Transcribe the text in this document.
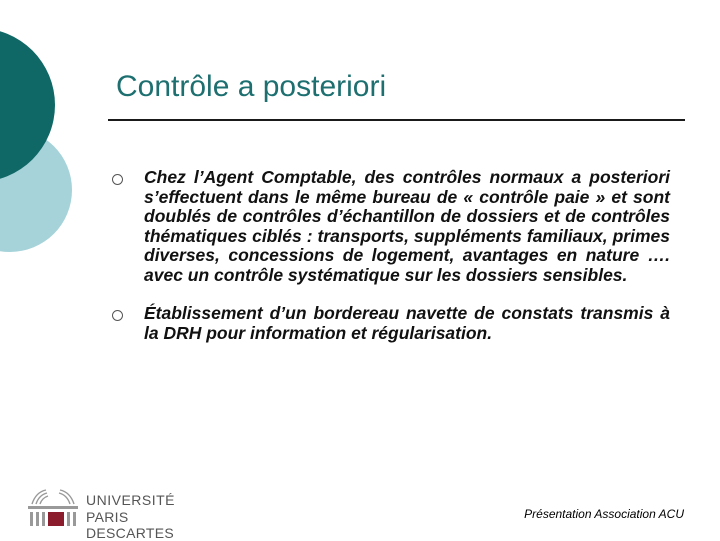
Contrôle a posteriori
Chez l’Agent Comptable, des contrôles normaux a posteriori s’effectuent dans le même bureau de « contrôle paie » et sont doublés de contrôles d’échantillon de dossiers et de contrôles thématiques ciblés : transports, suppléments familiaux, primes diverses, concessions de logement, avantages en nature …. avec un contrôle systématique sur les dossiers sensibles.
Établissement d’un bordereau navette de constats transmis à la DRH pour information et régularisation.
UNIVERSITÉ
PARIS DESCARTES
Présentation Association ACU
